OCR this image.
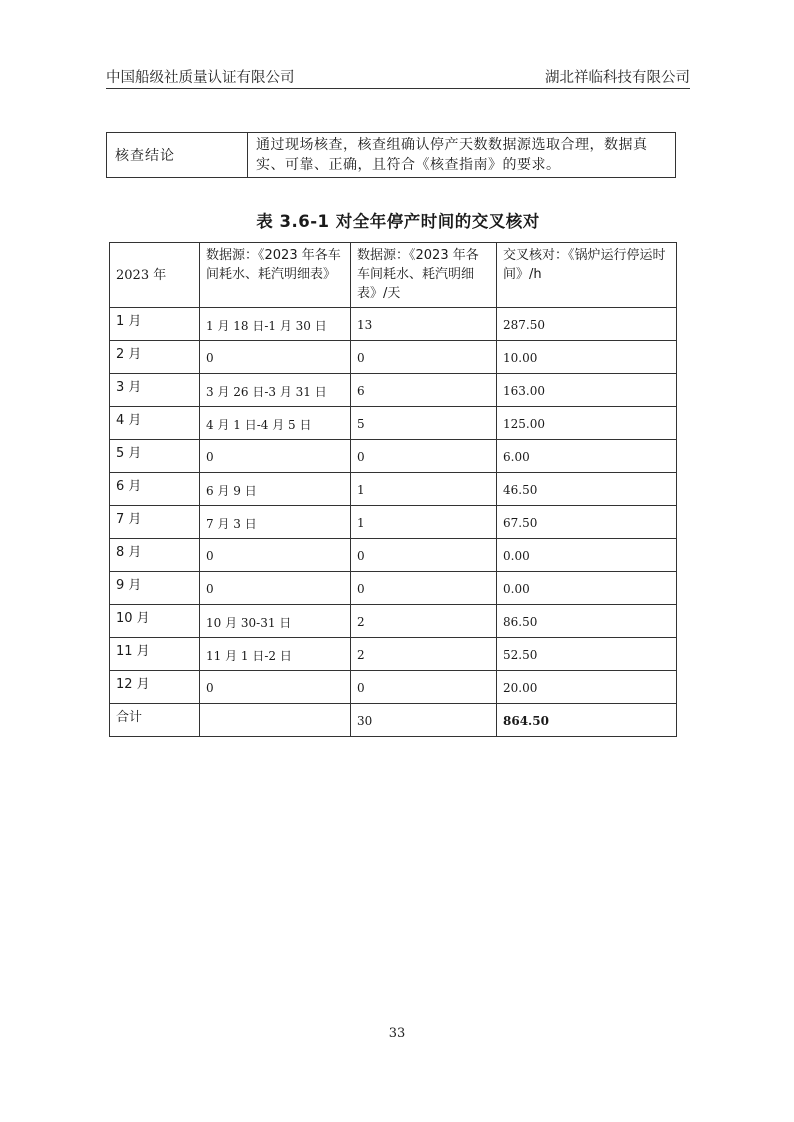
中国船级社质量认证有限公司	湖北祥临科技有限公司
核查结论	通过现场核查，核查组确认停产天数数据源选取合理，数据真实、可靠、正确，且符合《核查指南》的要求。
表 3.6-1 对全年停产时间的交叉核对
2023 年	数据源：《2023 年各车间耗水、耗汽明细表》	数据源：《2023 年各车间耗水、耗汽明细表》/天	交叉核对：《锅炉运行停运时间》/h
1 月	1 月 18 日-1 月 30 日	13	287.50
2 月	0	0	10.00
3 月	3 月 26 日-3 月 31 日	6	163.00
4 月	4 月 1 日-4 月 5 日	5	125.00
5 月	0	0	6.00
6 月	6 月 9 日	1	46.50
7 月	7 月 3 日	1	67.50
8 月	0	0	0.00
9 月	0	0	0.00
10 月	10 月 30-31 日	2	86.50
11 月	11 月 1 日-2 日	2	52.50
12 月	0	0	20.00
合计		30	864.50
33
